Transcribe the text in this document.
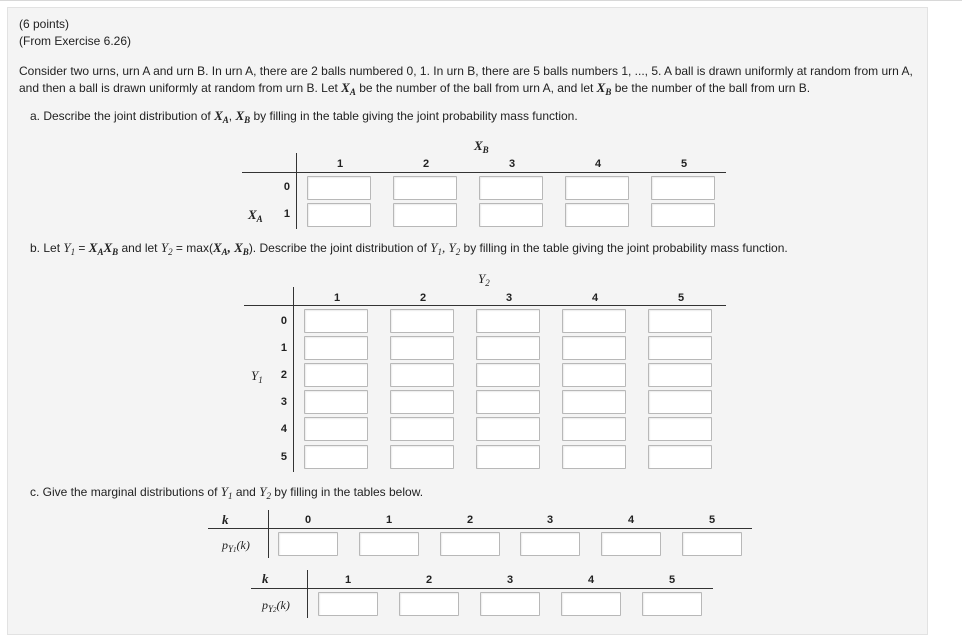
(6 points)
(From Exercise 6.26)
Consider two urns, urn A and urn B. In urn A, there are 2 balls numbered 0, 1. In urn B, there are 5 balls numbers 1, ..., 5. A ball is drawn uniformly at random from urn A,
and then a ball is drawn uniformly at random from urn B. Let $X_A$ be the number of the ball from urn A, and let $X_B$ be the number of the ball from urn B.
a. Describe the joint distribution of $X_A$, $X_B$ by filling in the table giving the joint probability mass function.
$X_B$
1	2	3	4	5
0
$X_A$	1
b. Let $Y_1 = X_AX_B$ and let $Y_2 = \max(X_A$, $X_B$). Describe the joint distribution of $Y_1$, $Y_2$ by filling in the table giving the joint probability mass function.
$Y_2$
1	2	3	4	5
0
1
$Y_1$	2
3
4
5
c. Give the marginal distributions of $Y_1$ and $Y_2$ by filling in the tables below.
k	0	1	2	3	4	5
$p_{Y1}(k)$
k	1	2	3	4	5
$p_{Y2}(k)$
